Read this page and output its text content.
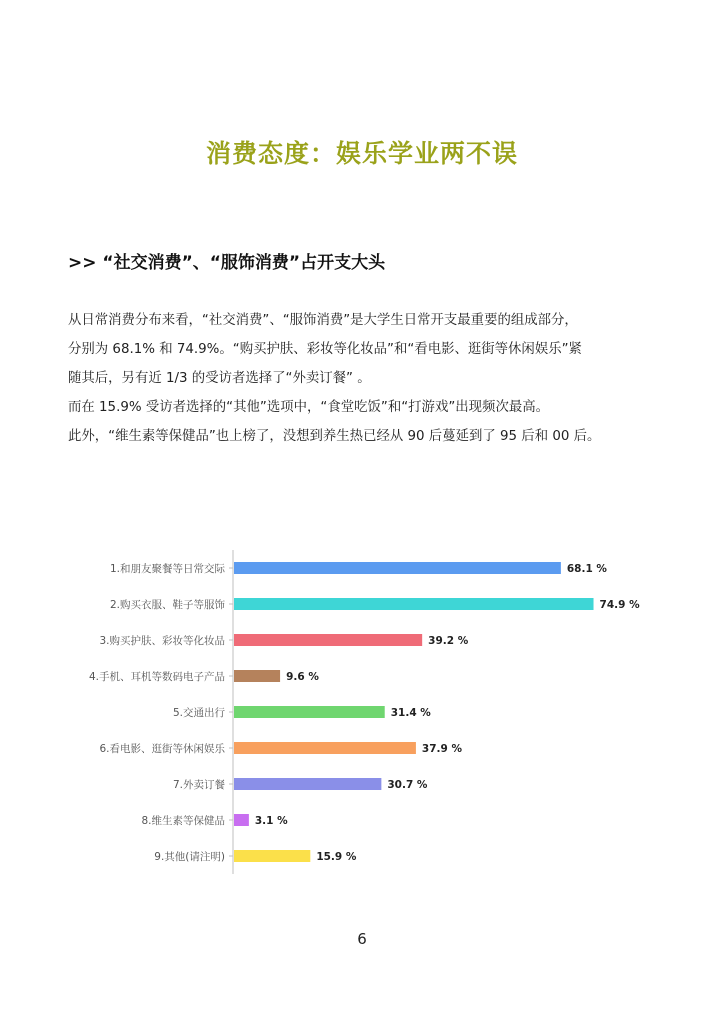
消费态度：娱乐学业两不误
>> “社交消费”、“服饰消费”占开支大头
从日常消费分布来看，“社交消费”、“服饰消费”是大学生日常开支最重要的组成部分，
分别为 68.1% 和 74.9%。“购买护肤、彩妆等化妆品”和“看电影、逛街等休闲娱乐”紧
随其后，另有近 1/3 的受访者选择了“外卖订餐” 。
而在 15.9% 受访者选择的“其他”选项中，“食堂吃饭”和“打游戏”出现频次最高。
此外，“维生素等保健品”也上榜了，没想到养生热已经从 90 后蔓延到了 95 后和 00 后。
1.和朋友聚餐等日常交际	68.1 %
2.购买衣服、鞋子等服饰	74.9 %
3.购买护肤、彩妆等化妆品	39.2 %
4.手机、耳机等数码电子产品	9.6 %
5.交通出行	31.4 %
6.看电影、逛街等休闲娱乐	37.9 %
7.外卖订餐	30.7 %
8.维生素等保健品	3.1 %
9.其他(请注明)	15.9 %
6
